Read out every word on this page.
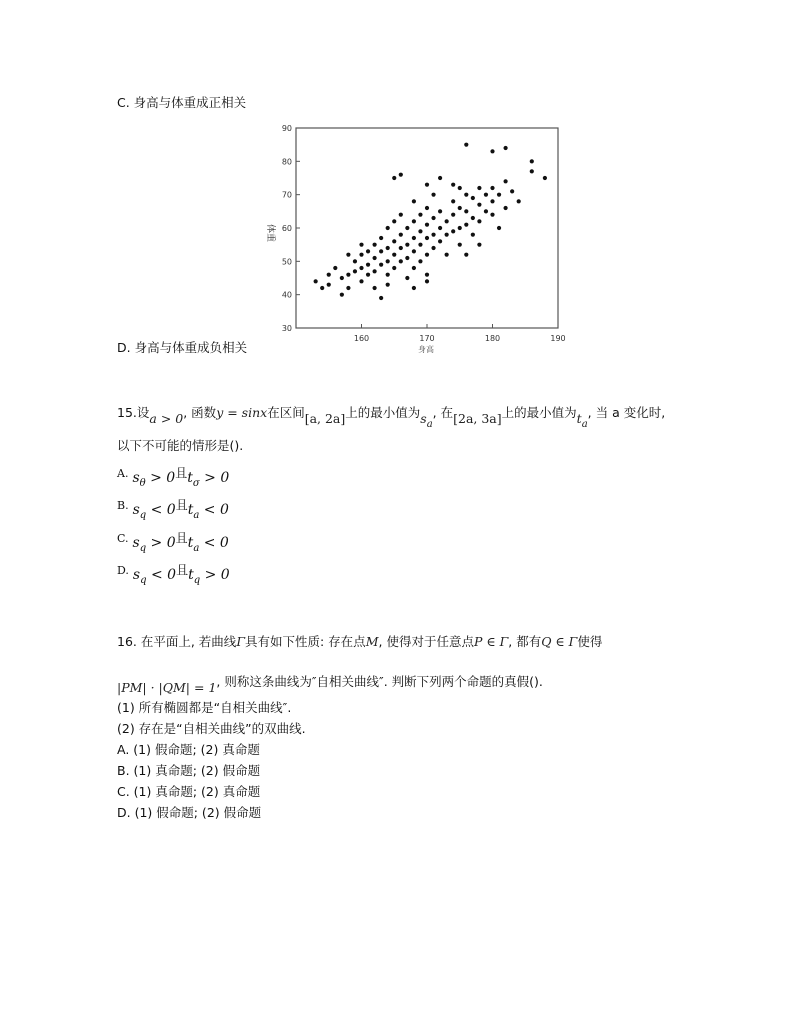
C. 身高与体重成正相关
30
40
50
60
70
80
90
160	170	180	190
体重
身高
D. 身高与体重成负相关
15.设a > 0, 函数y = sinx在区间[a, 2a]上的最小值为$s_a$, 在[2a, 3a]上的最小值为$t_a$, 当 a 变化时,
以下不可能的情形是().
A. $s_\theta > 0$且$t_\sigma > 0$
B. $s_q < 0$且$t_a < 0$
C. $s_q > 0$且$t_a < 0$
D. $s_q < 0$且$t_q > 0$
16. 在平面上, 若曲线Γ具有如下性质: 存在点M, 使得对于任意点P ∈ Γ, 都有Q ∈ Γ使得
|PM| · |QM| = 1, 则称这条曲线为″自相关曲线″. 判断下列两个命题的真假().
(1) 所有椭圆都是“自相关曲线″.
(2) 存在是“自相关曲线”的双曲线.
A. (1) 假命题; (2) 真命题
B. (1) 真命题; (2) 假命题
C. (1) 真命题; (2) 真命题
D. (1) 假命题; (2) 假命题
